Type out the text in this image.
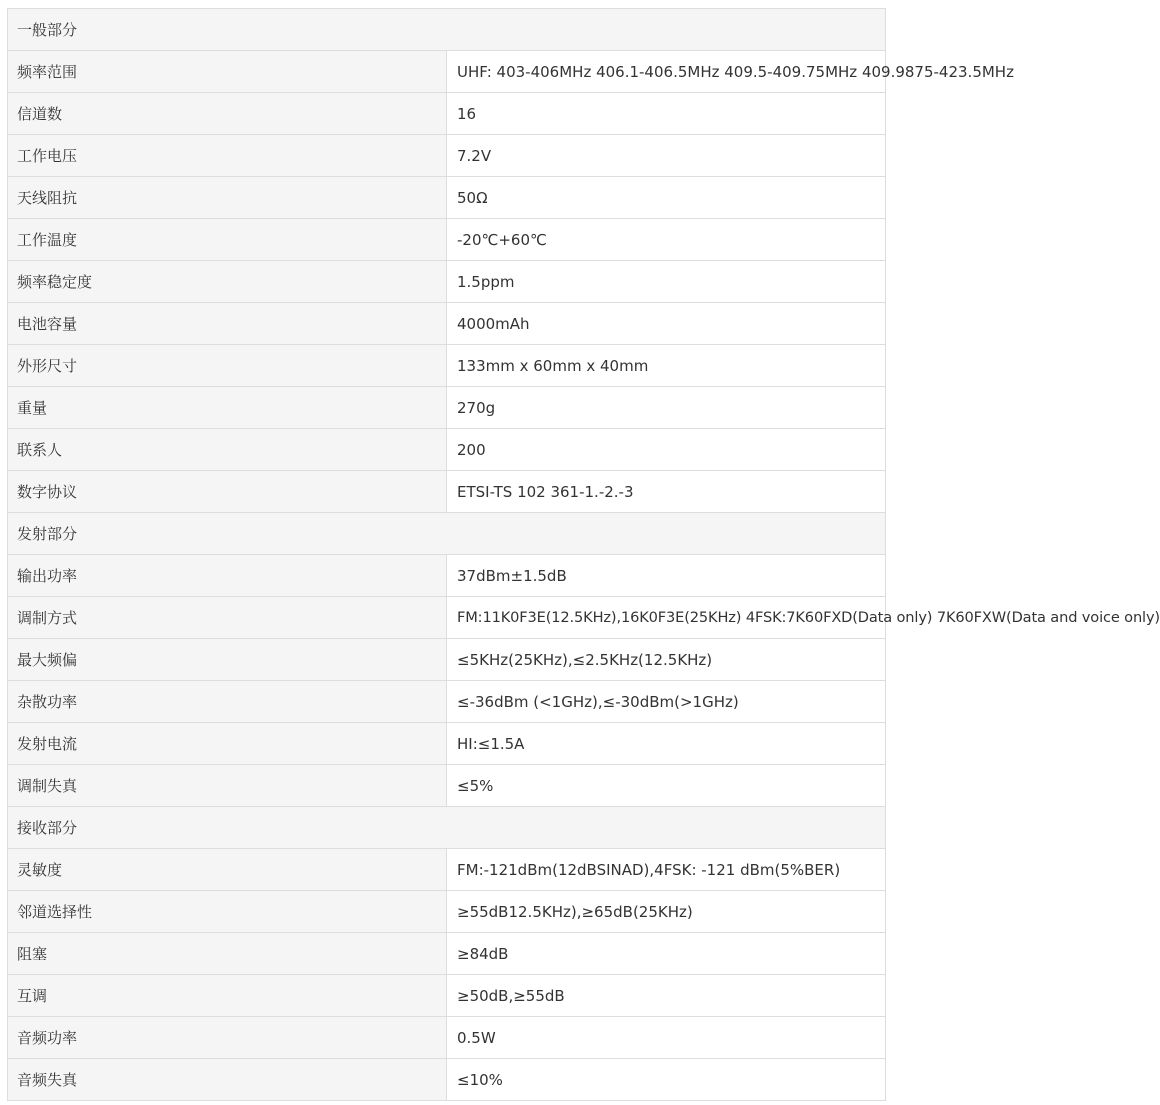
一般部分	
频率范围	UHF: 403-406MHz 406.1-406.5MHz 409.5-409.75MHz 409.9875-423.5MHz
信道数	16
工作电压	7.2V
天线阻抗	50Ω
工作温度	-20℃+60℃
频率稳定度	1.5ppm
电池容量	4000mAh
外形尺寸	133mm x 60mm x 40mm
重量	270g
联系人	200
数字协议	ETSI-TS 102 361-1.-2.-3
发射部分	
输出功率	37dBm±1.5dB
调制方式	FM:11K0F3E(12.5KHz),16K0F3E(25KHz) 4FSK:7K60FXD(Data only) 7K60FXW(Data and voice only)
最大频偏	≤5KHz(25KHz),≤2.5KHz(12.5KHz)
杂散功率	≤-36dBm (<1GHz),≤-30dBm(>1GHz)
发射电流	HI:≤1.5A
调制失真	≤5%
接收部分	
灵敏度	FM:-121dBm(12dBSINAD),4FSK: -121 dBm(5%BER)
邻道选择性	≥55dB12.5KHz),≥65dB(25KHz)
阻塞	≥84dB
互调	≥50dB,≥55dB
音频功率	0.5W
音频失真	≤10%
